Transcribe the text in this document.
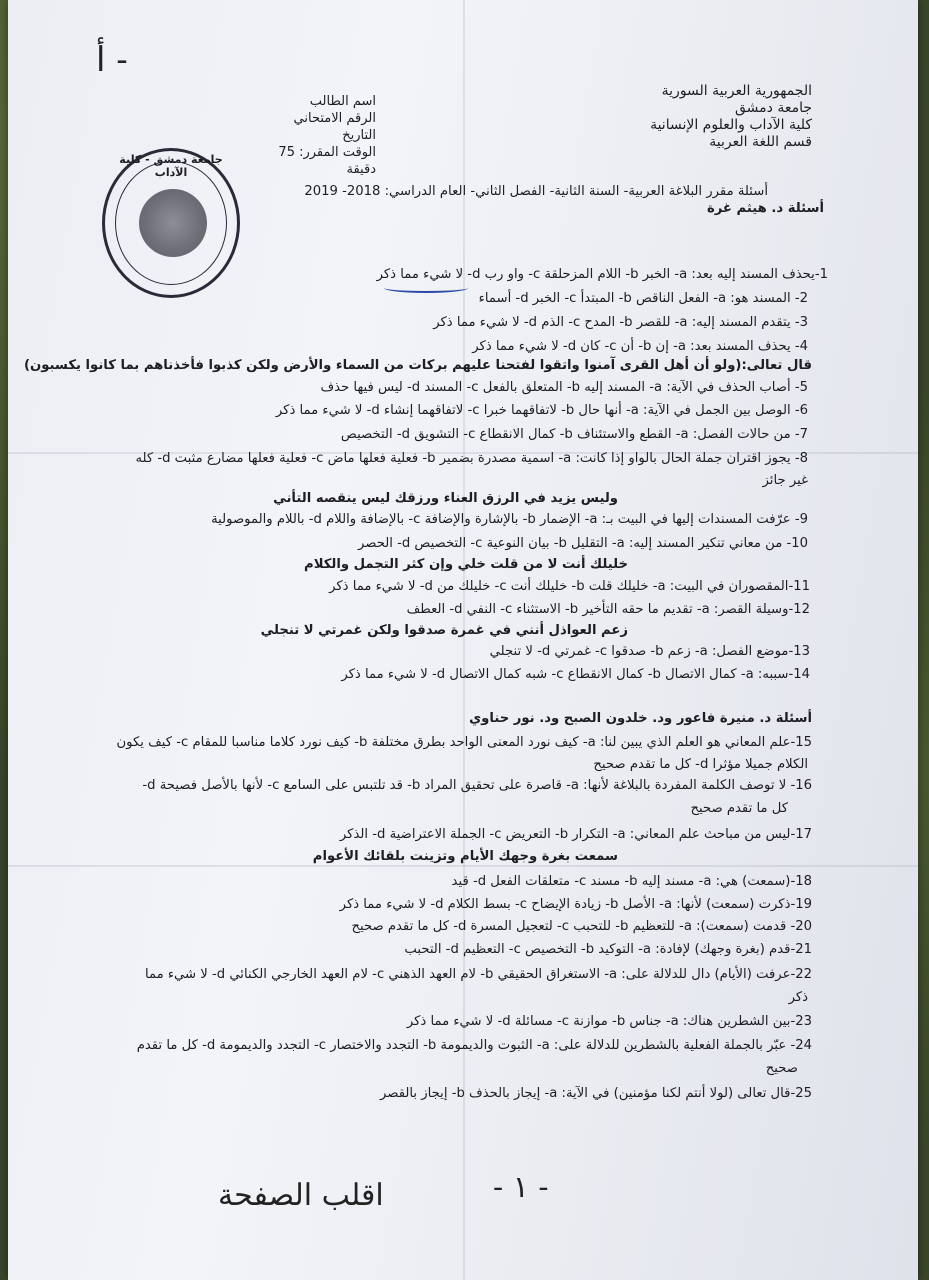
أ -
جامعة دمشق - كلية الآداب
اسم الطالب
الرقم الامتحاني
التاريخ
الوقت المقرر: 75 دقيقة
الجمهورية العربية السورية
جامعة دمشق
كلية الآداب والعلوم الإنسانية
قسم اللغة العربية
أسئلة مقرر البلاغة العربية- السنة الثانية- الفصل الثاني- العام الدراسي: 2018- 2019
أسئلة د. هيثم غرة
1-يحذف المسند إليه بعد: a- الخبر b- اللام المزحلقة c- واو رب d- لا شيء مما ذكر
2- المسند هو: a- الفعل الناقص b- المبتدأ c- الخبر d- أسماء
3- يتقدم المسند إليه: a- للقصر b- المدح c- الذم d- لا شيء مما ذكر
4- يحذف المسند بعد: a- إن b- أن c- كان d- لا شيء مما ذكر
قال تعالى:(ولو أن أهل القرى آمنوا واتقوا لفتحنا عليهم بركات من السماء والأرض ولكن كذبوا فأخذناهم بما كانوا يكسبون)
5- أصاب الحذف في الآية: a- المسند إليه b- المتعلق بالفعل c- المسند d- ليس فيها حذف
6- الوصل بين الجمل في الآية: a- أنها حال b- لاتفاقهما خبرا c- لاتفاقهما إنشاء d- لا شيء مما ذكر
7- من حالات الفصل: a- القطع والاستئناف b- كمال الانقطاع c- التشويق d- التخصيص
8- يجوز اقتران جملة الحال بالواو إذا كانت: a- اسمية مصدرة بضمير b- فعلية فعلها ماض c- فعلية فعلها مضارع مثبت d- كله
غير جائز
وليس يزيد في الرزق العناء ورزقك ليس ينقصه التأني
9- عرّفت المسندات إليها في البيت بـ: a- الإضمار b- بالإشارة والإضافة c- بالإضافة واللام d- باللام والموصولية
10- من معاني تنكير المسند إليه: a- التقليل b- بيان النوعية c- التخصيص d- الحصر
خليلك أنت لا من قلت خلي وإن كثر التجمل والكلام
11-المقصوران في البيت: a- خليلك قلت b- خليلك أنت c- خليلك من d- لا شيء مما ذكر
12-وسيلة القصر: a- تقديم ما حقه التأخير b- الاستثناء c- النفي d- العطف
زعم العواذل أنني في غمرة صدقوا ولكن غمرتي لا تنجلي
13-موضع الفصل: a- زعم b- صدقوا c- غمرتي d- لا تنجلي
14-سببه: a- كمال الاتصال b- كمال الانقطاع c- شبه كمال الاتصال d- لا شيء مما ذكر
أسئلة د. منيرة فاعور ود. خلدون الصبح ود. نور حناوي
15-علم المعاني هو العلم الذي يبين لنا: a- كيف نورد المعنى الواحد بطرق مختلفة b- كيف نورد كلاما مناسبا للمقام c- كيف يكون
الكلام جميلا مؤثرا d- كل ما تقدم صحيح
16- لا توصف الكلمة المفردة بالبلاغة لأنها: a- قاصرة على تحقيق المراد b- قد تلتبس على السامع c- لأنها بالأصل فصيحة d-
كل ما تقدم صحيح
17-ليس من مباحث علم المعاني: a- التكرار b- التعريض c- الجملة الاعتراضية d- الذكر
سمعت بغرة وجهك الأيام وتزينت بلقائك الأعوام
18-(سمعت) هي: a- مسند إليه b- مسند c- متعلقات الفعل d- قيد
19-ذكرت (سمعت) لأنها: a- الأصل b- زيادة الإيضاح c- بسط الكلام d- لا شيء مما ذكر
20- قدمت (سمعت): a- للتعظيم b- للتحبب c- لتعجيل المسرة d- كل ما تقدم صحيح
21-قدم (بغرة وجهك) لإفادة: a- التوكيد b- التخصيص c- التعظيم d- التحبب
22-عرفت (الأيام) دال للدلالة على: a- الاستغراق الحقيقي b- لام العهد الذهني c- لام العهد الخارجي الكنائي d- لا شيء مما
ذكر
23-بين الشطرين هناك: a- جناس b- موازنة c- مسائلة d- لا شيء مما ذكر
24- عبّر بالجملة الفعلية بالشطرين للدلالة على: a- الثبوت والديمومة b- التجدد والاختصار c- التجدد والديمومة d- كل ما تقدم
صحيح
25-قال تعالى (لولا أنتم لكنا مؤمنين) في الآية: a- إيجاز بالحذف b- إيجاز بالقصر
- ١ -
اقلب الصفحة
